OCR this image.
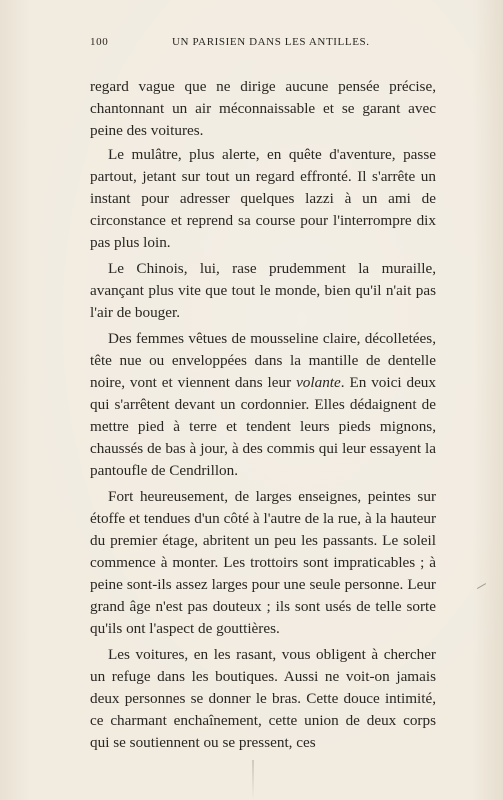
100	UN PARISIEN DANS LES ANTILLES.

regard vague que ne dirige aucune pensée précise, chantonnant un air méconnaissable et se garant avec peine des voitures.

Le mulâtre, plus alerte, en quête d'aventure, passe partout, jetant sur tout un regard effronté. Il s'arrête un instant pour adresser quelques lazzi à un ami de circonstance et reprend sa course pour l'interrompre dix pas plus loin.

Le Chinois, lui, rase prudemment la muraille, avançant plus vite que tout le monde, bien qu'il n'ait pas l'air de bouger.

Des femmes vêtues de mousseline claire, décolletées, tête nue ou enveloppées dans la mantille de dentelle noire, vont et viennent dans leur volante. En voici deux qui s'arrêtent devant un cordonnier. Elles dédaignent de mettre pied à terre et tendent leurs pieds mignons, chaussés de bas à jour, à des commis qui leur essayent la pantoufle de Cendrillon.

Fort heureusement, de larges enseignes, peintes sur étoffe et tendues d'un côté à l'autre de la rue, à la hauteur du premier étage, abritent un peu les passants. Le soleil commence à monter. Les trottoirs sont impraticables ; à peine sont-ils assez larges pour une seule personne. Leur grand âge n'est pas douteux ; ils sont usés de telle sorte qu'ils ont l'aspect de gouttières.

Les voitures, en les rasant, vous obligent à chercher un refuge dans les boutiques. Aussi ne voit-on jamais deux personnes se donner le bras. Cette douce intimité, ce charmant enchaînement, cette union de deux corps qui se soutiennent ou se pressent, ces
